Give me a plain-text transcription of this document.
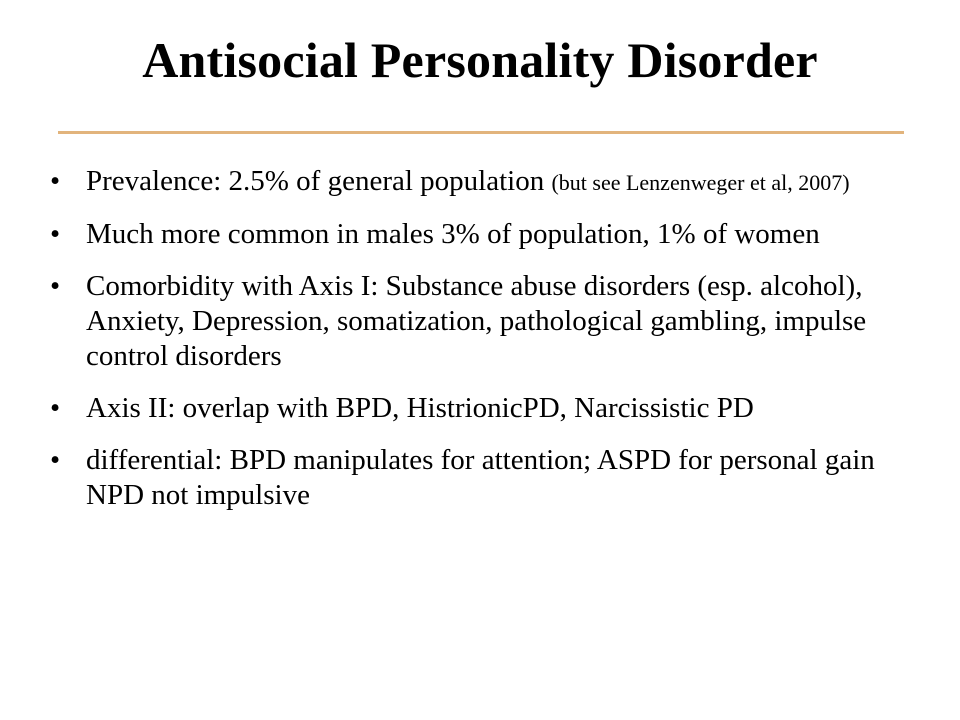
Antisocial Personality Disorder
• Prevalence: 2.5% of general population (but see Lenzenweger et al, 2007)
• Much more common in males 3% of population, 1% of women
• Comorbidity with Axis I: Substance abuse disorders (esp. alcohol), Anxiety, Depression, somatization, pathological gambling, impulse control disorders
• Axis II: overlap with BPD, HistrionicPD, Narcissistic PD
• differential: BPD manipulates for attention; ASPD for personal gain NPD not impulsive
